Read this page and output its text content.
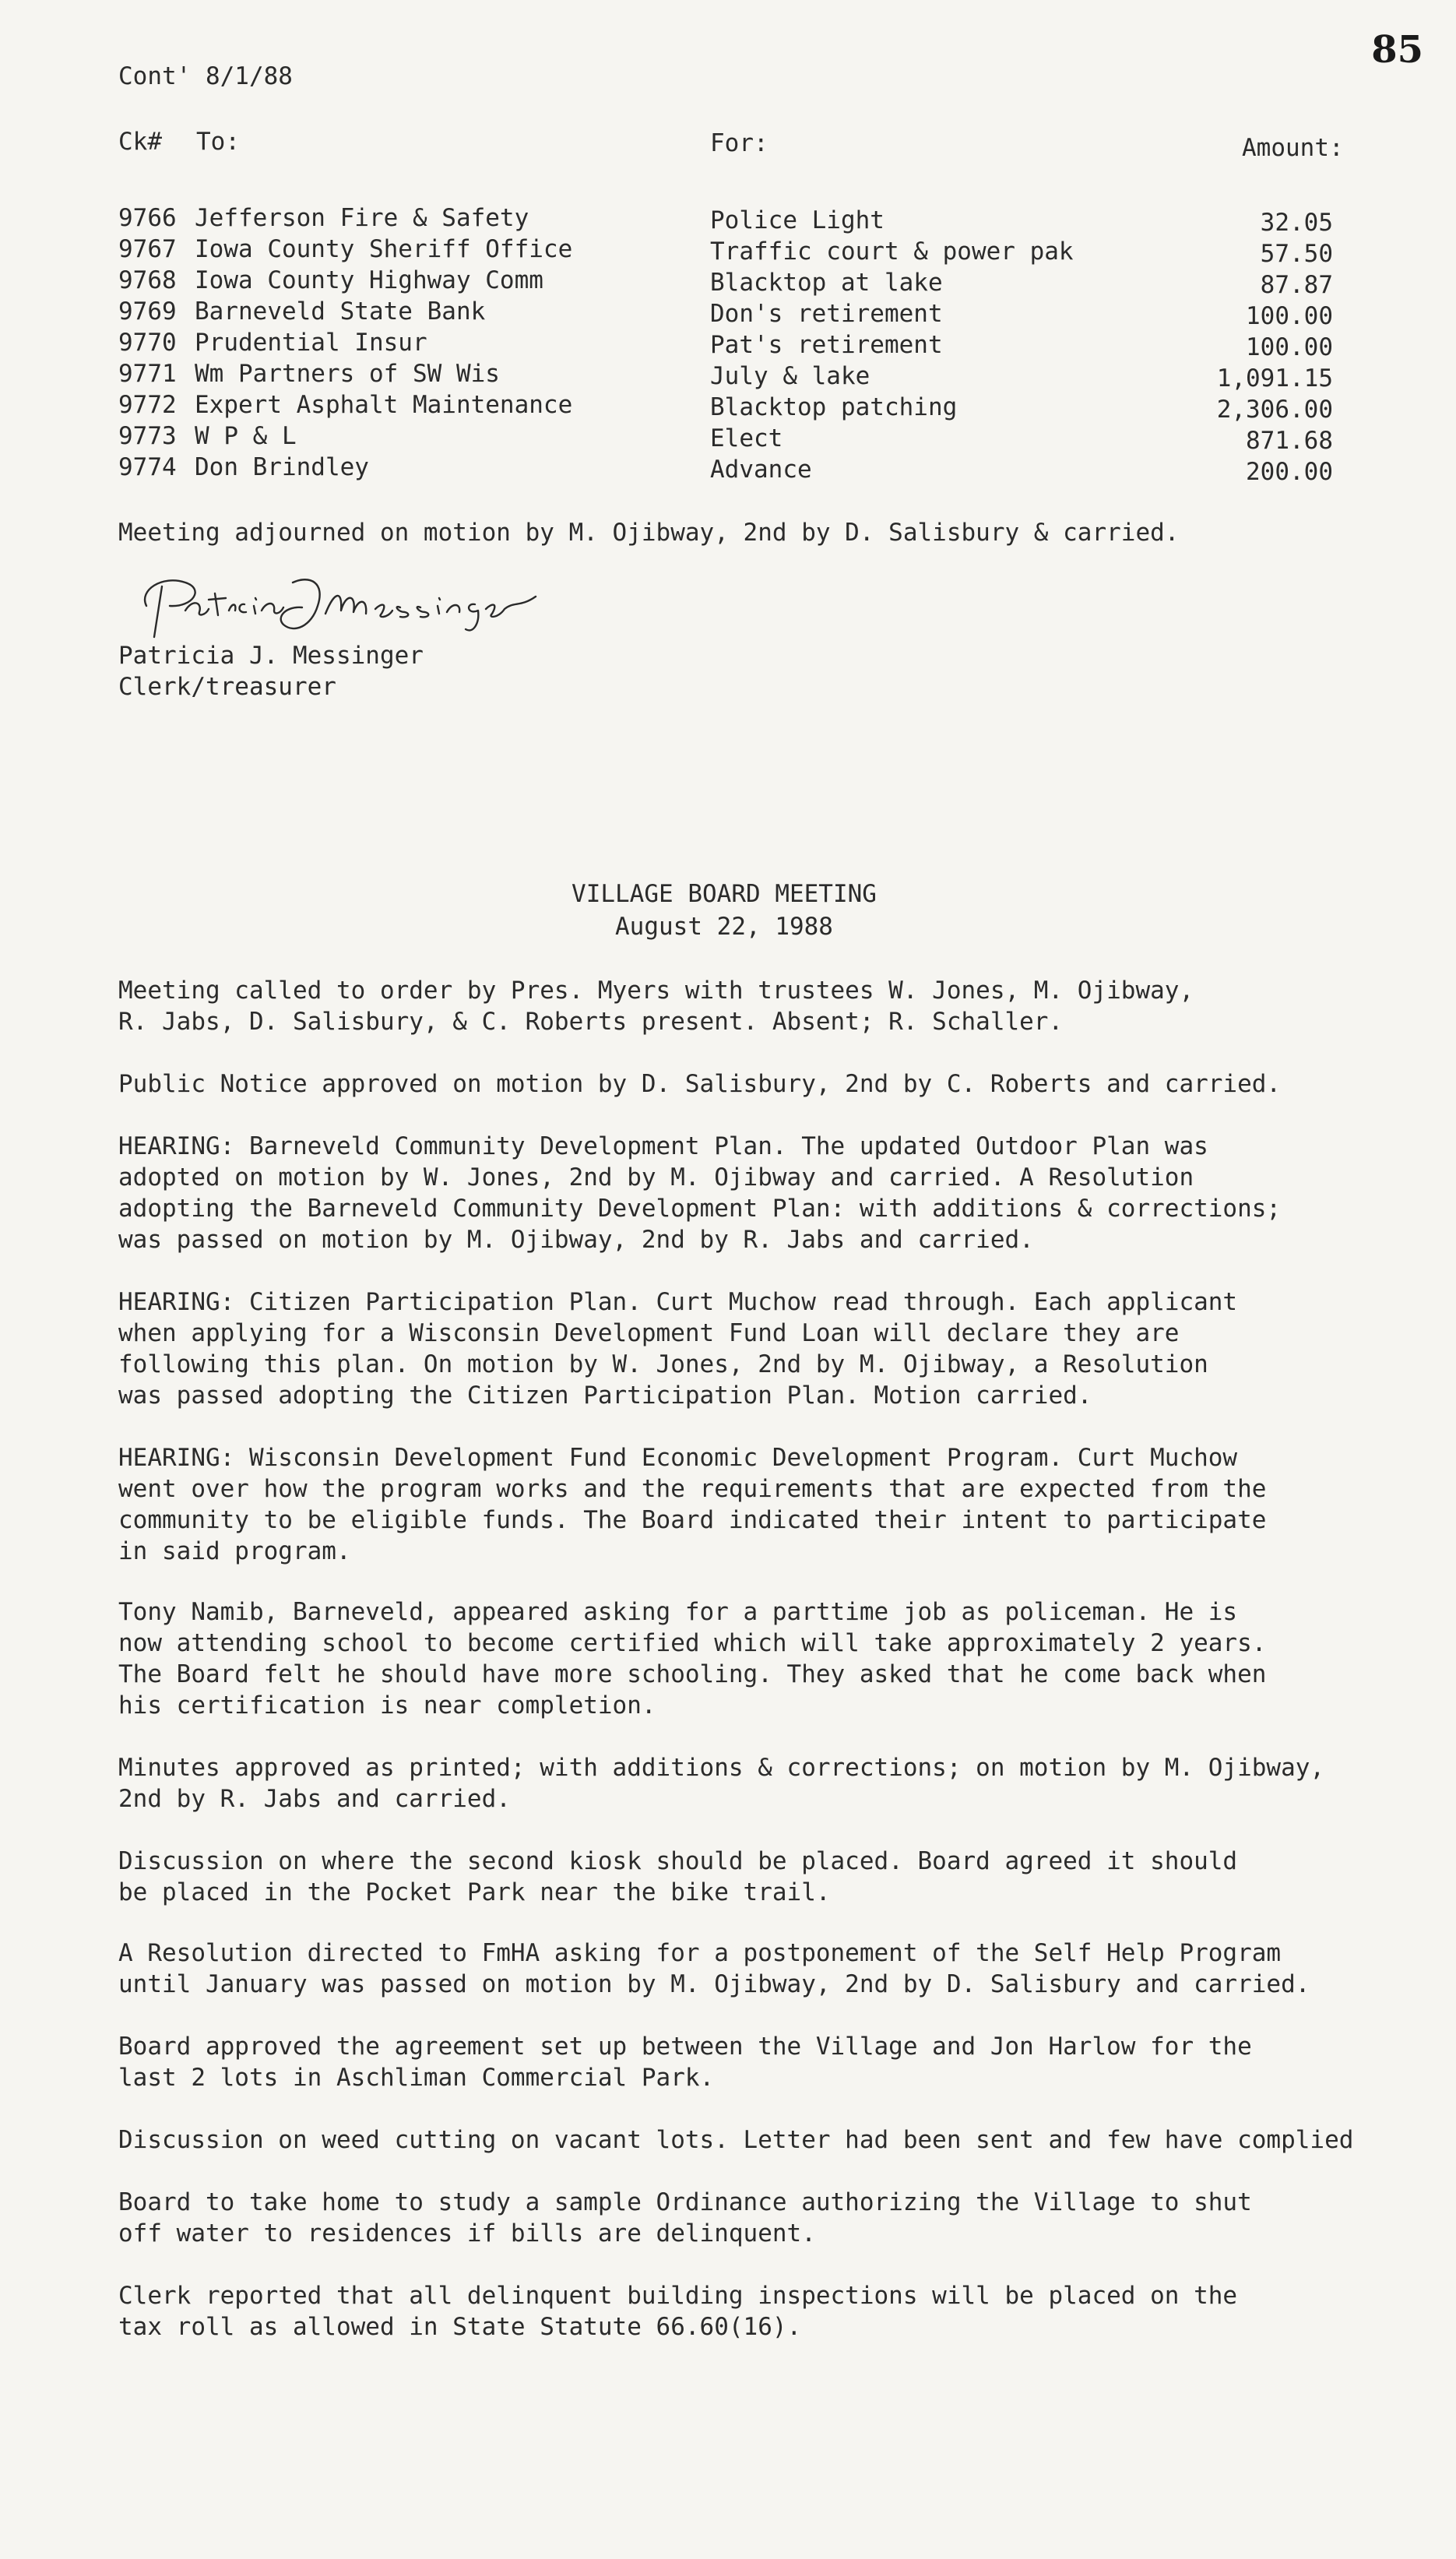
85
Cont' 8/1/88
Ck# To:	For:	Amount:
9766 Jefferson Fire & Safety	Police Light	32.05
9767 Iowa County Sheriff Office	Traffic court & power pak	57.50
9768 Iowa County Highway Comm	Blacktop at lake	87.87
9769 Barneveld State Bank	Don's retirement	100.00
9770 Prudential Insur	Pat's retirement	100.00
9771 Wm Partners of SW Wis	July & lake	1,091.15
9772 Expert Asphalt Maintenance	Blacktop patching	2,306.00
9773 W P & L	Elect	871.68
9774 Don Brindley	Advance	200.00
Meeting adjourned on motion by M. Ojibway, 2nd by D. Salisbury & carried.
Patricia J. Messinger
Clerk/treasurer
VILLAGE BOARD MEETING
August 22, 1988
Meeting called to order by Pres. Myers with trustees W. Jones, M. Ojibway,
R. Jabs, D. Salisbury, & C. Roberts present. Absent; R. Schaller.
Public Notice approved on motion by D. Salisbury, 2nd by C. Roberts and carried.
HEARING: Barneveld Community Development Plan. The updated Outdoor Plan was
adopted on motion by W. Jones, 2nd by M. Ojibway and carried. A Resolution
adopting the Barneveld Community Development Plan: with additions & corrections;
was passed on motion by M. Ojibway, 2nd by R. Jabs and carried.
HEARING: Citizen Participation Plan. Curt Muchow read through. Each applicant
when applying for a Wisconsin Development Fund Loan will declare they are
following this plan. On motion by W. Jones, 2nd by M. Ojibway, a Resolution
was passed adopting the Citizen Participation Plan. Motion carried.
HEARING: Wisconsin Development Fund Economic Development Program. Curt Muchow
went over how the program works and the requirements that are expected from the
community to be eligible funds. The Board indicated their intent to participate
in said program.
Tony Namib, Barneveld, appeared asking for a parttime job as policeman. He is
now attending school to become certified which will take approximately 2 years.
The Board felt he should have more schooling. They asked that he come back when
his certification is near completion.
Minutes approved as printed; with additions & corrections; on motion by M. Ojibway,
2nd by R. Jabs and carried.
Discussion on where the second kiosk should be placed. Board agreed it should
be placed in the Pocket Park near the bike trail.
A Resolution directed to FmHA asking for a postponement of the Self Help Program
until January was passed on motion by M. Ojibway, 2nd by D. Salisbury and carried.
Board approved the agreement set up between the Village and Jon Harlow for the
last 2 lots in Aschliman Commercial Park.
Discussion on weed cutting on vacant lots. Letter had been sent and few have complied
Board to take home to study a sample Ordinance authorizing the Village to shut
off water to residences if bills are delinquent.
Clerk reported that all delinquent building inspections will be placed on the
tax roll as allowed in State Statute 66.60(16).
